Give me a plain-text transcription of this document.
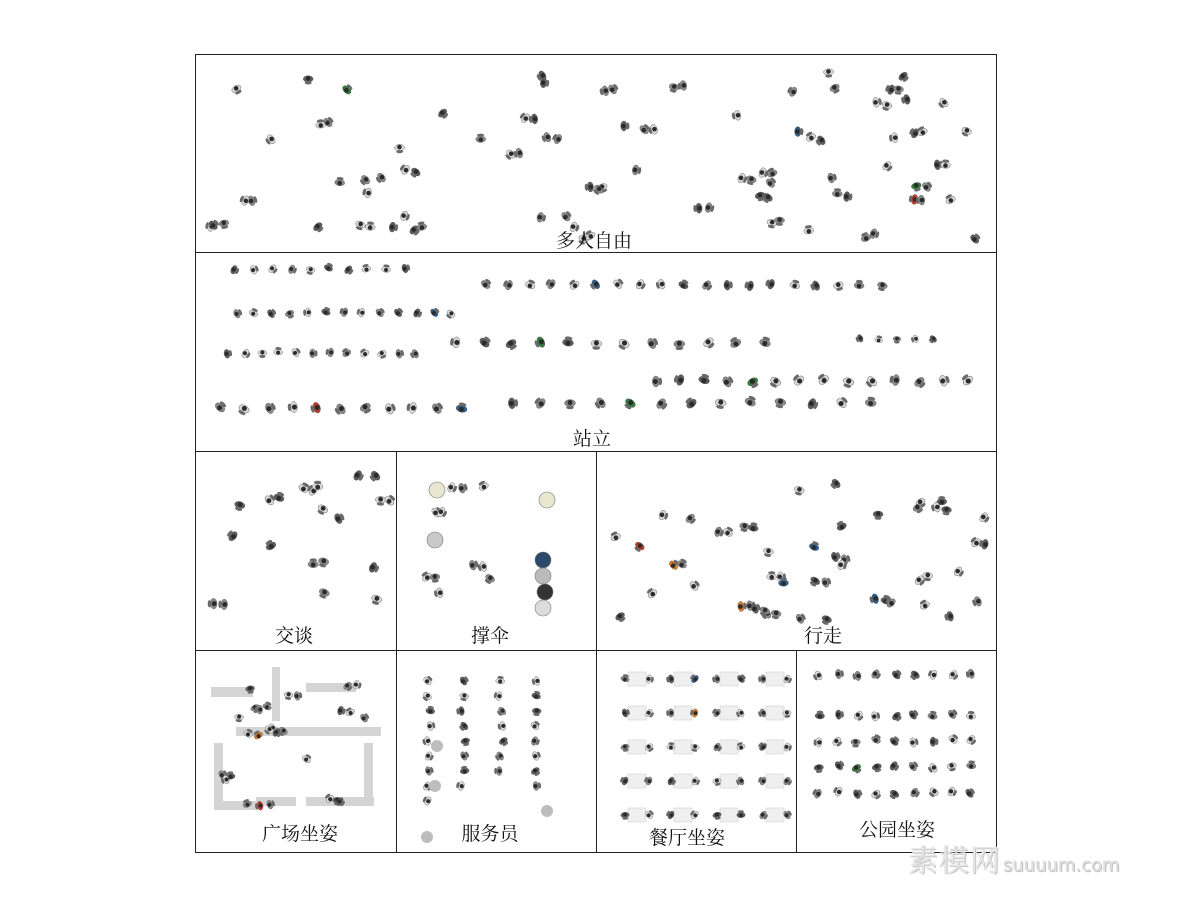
多人自由
站立
交谈	撑伞	行走
广场坐姿	服务员	餐厅坐姿	公园坐姿
素模网 suuuum.com
